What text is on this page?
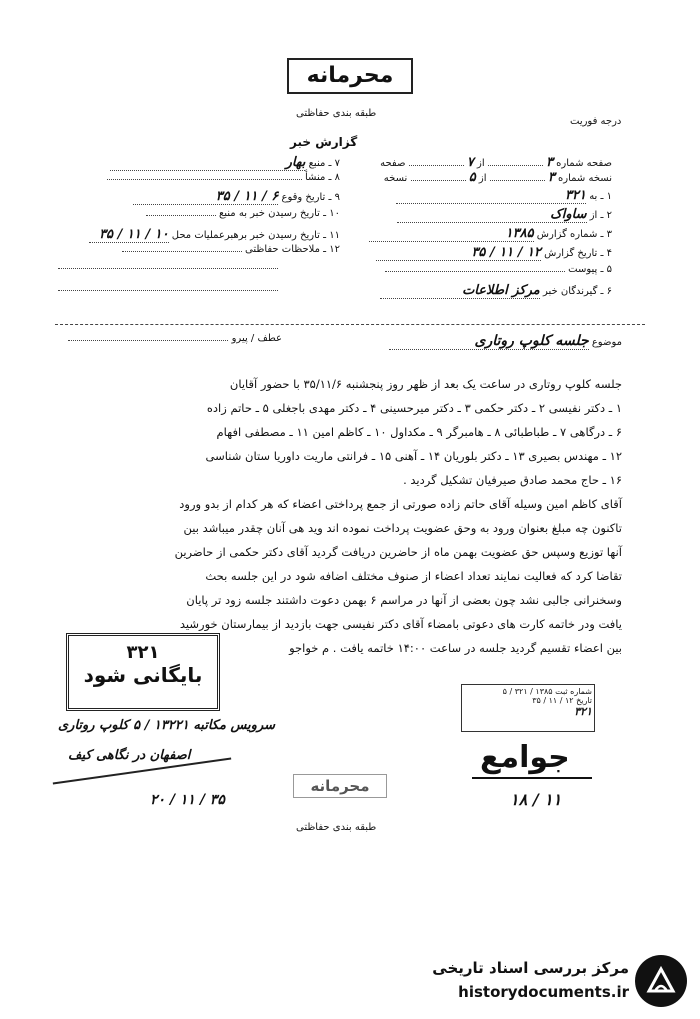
محرمانه
طبقه بندی حفاظتی
درجه فوریت
گزارش خبر
صفحه شماره ۳  از ۷  صفحه
نسخه شماره ۳  از ۵  نسخه
۱ ـ به ۳۲۱
۲ ـ از ساواک
۳ ـ شماره گزارش ۱۳۸۵
۴ ـ تاریخ گزارش ۱۲ / ۱۱ / ۳۵
۵ ـ پیوست
۶ ـ گیرندگان خبر مرکز اطلاعات
۷ ـ منبع بهار
۸ ـ منشأ
۹ ـ تاریخ وقوع ۶ / ۱۱ / ۳۵
۱۰ ـ تاریخ رسیدن خبر به منبع
۱۱ ـ تاریخ رسیدن خبر برهبرعملیات محل ۱۰ / ۱۱ / ۳۵
۱۲ ـ ملاحظات حفاظتی
موضوع جلسه کلوپ روتاری
عطف / پیرو
جلسه کلوپ روتاری در ساعت یک بعد از ظهر روز پنجشنبه ۳۵/۱۱/۶ با حضور آقایان
۱ ـ دکتر نفیسی ۲ ـ دکتر حکمی ۳ ـ دکتر میرحسینی ۴ ـ دکتر مهدی باجغلی ۵ ـ حاتم زاده
۶ ـ درگاهی ۷ ـ طباطبائی ۸ ـ هامبرگر ۹ ـ مکداول ۱۰ ـ کاظم امین ۱۱ ـ مصطفی افهام
۱۲ ـ مهندس بصیری ۱۳ ـ دکتر بلوریان ۱۴ ـ آهنی ۱۵ ـ فرانتی ماریت داوریا ستان شناسی
۱۶ ـ حاج محمد صادق صیرفیان تشکیل گردید .
آقای کاظم امین وسیله آقای حاتم زاده صورتی از جمع پرداختی اعضاء که هر کدام از بدو ورود
تاکنون چه مبلغ بعنوان ورود به وحق عضویت پرداخت نموده اند وید هی آنان چقدر میباشد بین
آنها توزیع وسپس حق عضویت بهمن ماه از حاضرین دریافت گردید آقای دکتر حکمی از حاضرین
تقاضا کرد که فعالیت نمایند تعداد اعضاء از صنوف مختلف اضافه شود در این جلسه بحث
وسخنرانی جالبی نشد چون بعضی از آنها در مراسم ۶ بهمن دعوت داشتند جلسه زود تر پایان
یافت ودر خاتمه کارت های دعوتی بامضاء آقای دکتر نفیسی جهت بازدید از بیمارستان خورشید
بین اعضاء تقسیم گردید جلسه در ساعت ۱۴:۰۰ خاتمه یافت . م خواجو
۳۲۱
بایگانی شود
شماره ثبت ۱۳۸۵ / ۳۲۱ / ۵
تاریخ ۱۲ / ۱۱ / ۳۵
۳۲۱
سرویس مکاتبه ۱۳۲۲۱ / ۵ کلوپ روتاری
اصفهان در نگاهی کیف
۲۰ / ۱۱ / ۳۵
محرمانه
طبقه بندی حفاظتی
جوامع
۱۸ / ۱۱
مرکز بررسی اسناد تاریخی
historydocuments.ir
